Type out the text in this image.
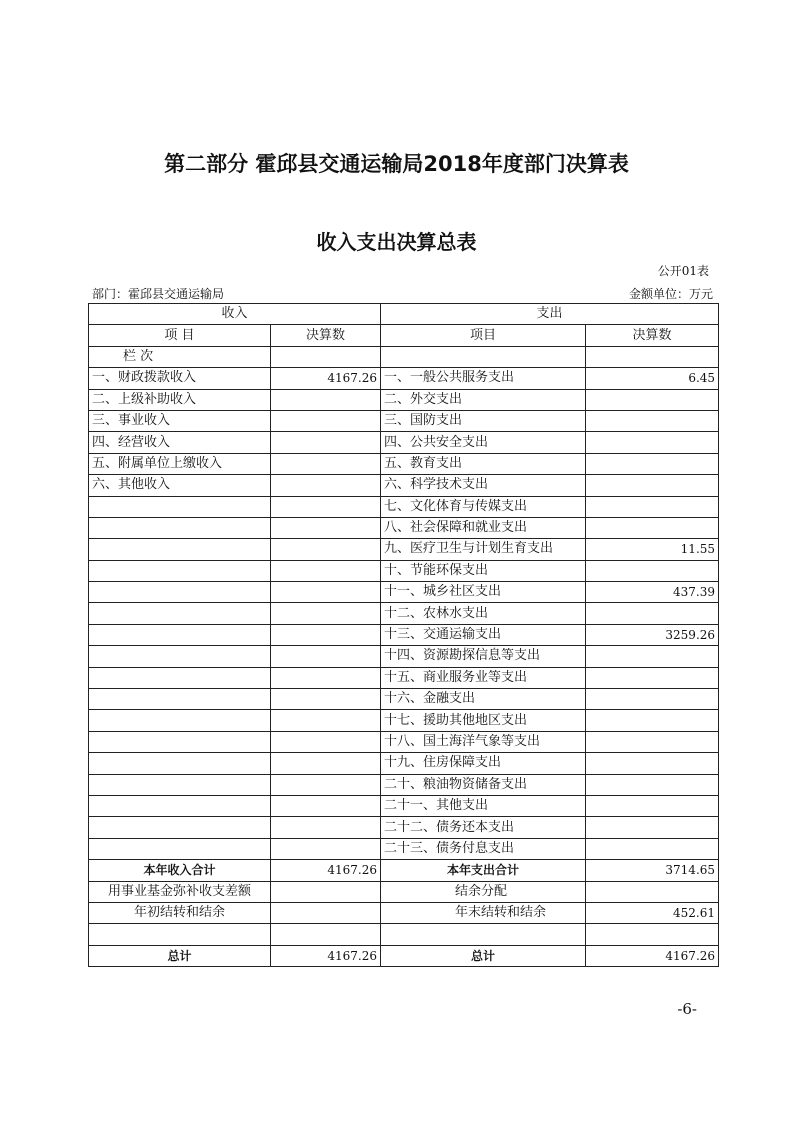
第二部分 霍邱县交通运输局2018年度部门决算表
收入支出决算总表
公开01表
部门：霍邱县交通运输局	金额单位：万元
收入		支出	
项 目	决算数	项目	决算数
栏 次			
一、财政拨款收入	4167.26	一、一般公共服务支出	6.45
二、上级补助收入		二、外交支出	
三、事业收入		三、国防支出	
四、经营收入		四、公共安全支出	
五、附属单位上缴收入		五、教育支出	
六、其他收入		六、科学技术支出	
		七、文化体育与传媒支出	
		八、社会保障和就业支出	
		九、医疗卫生与计划生育支出	11.55
		十、节能环保支出	
		十一、城乡社区支出	437.39
		十二、农林水支出	
		十三、交通运输支出	3259.26
		十四、资源勘探信息等支出	
		十五、商业服务业等支出	
		十六、金融支出	
		十七、援助其他地区支出	
		十八、国土海洋气象等支出	
		十九、住房保障支出	
		二十、粮油物资储备支出	
		二十一、其他支出	
		二十二、债务还本支出	
		二十三、债务付息支出	
本年收入合计	4167.26	本年支出合计	3714.65
用事业基金弥补收支差额		结余分配	
年初结转和结余		年末结转和结余	452.61

总计	4167.26	总计	4167.26
-6-
